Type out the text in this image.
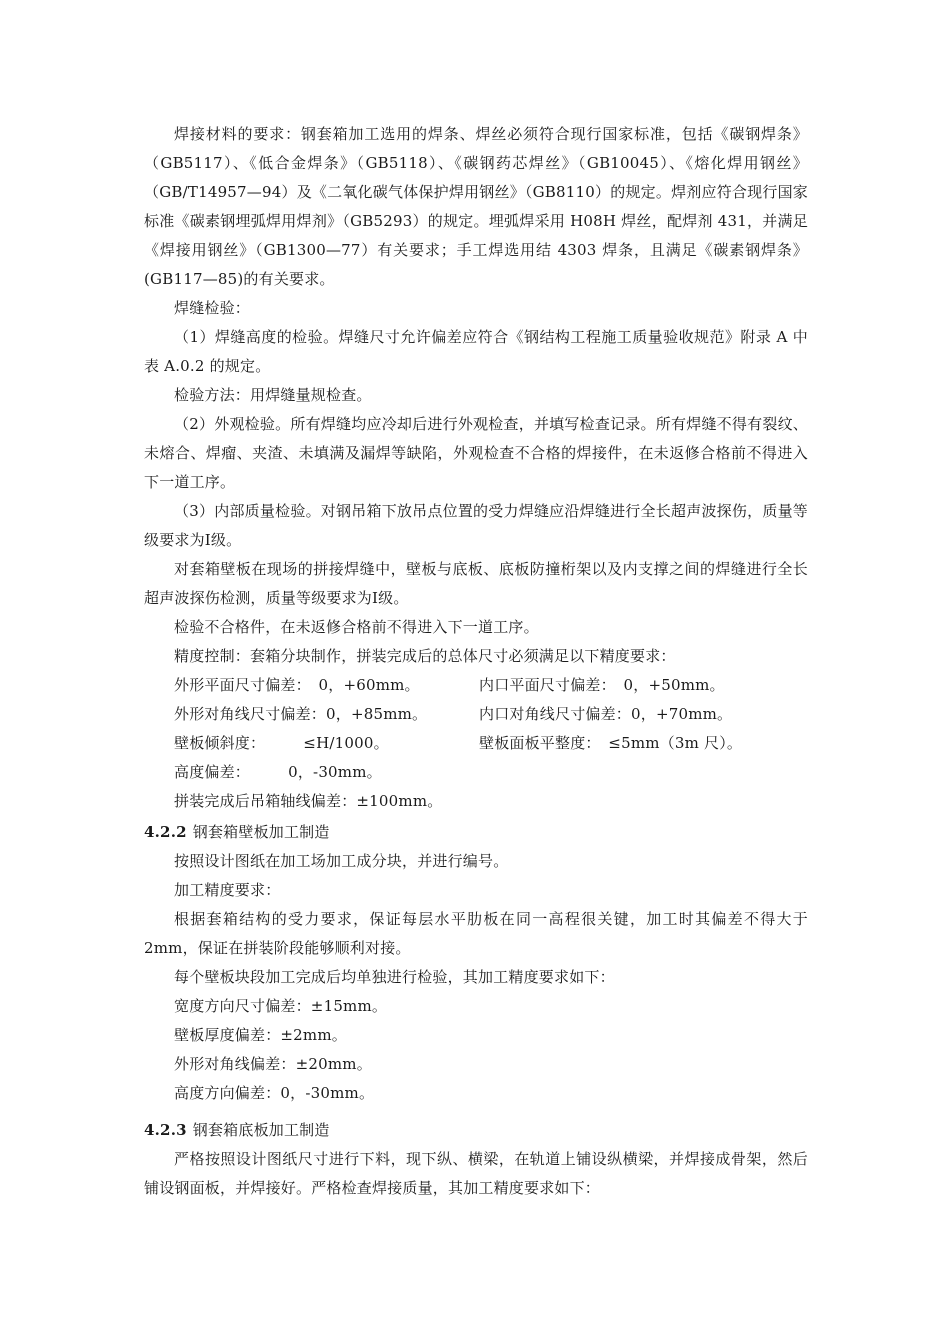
焊接材料的要求：钢套箱加工选用的焊条、焊丝必须符合现行国家标准，包括《碳钢焊条》（GB5117）、《低合金焊条》（GB5118）、《碳钢药芯焊丝》（GB10045）、《熔化焊用钢丝》（GB/T14957—94）及《二氧化碳气体保护焊用钢丝》（GB8110）的规定。焊剂应符合现行国家标准《碳素钢埋弧焊用焊剂》（GB5293）的规定。埋弧焊采用 H08H 焊丝，配焊剂 431，并满足《焊接用钢丝》（GB1300—77）有关要求；手工焊选用结 4303 焊条，且满足《碳素钢焊条》(GB117—85)的有关要求。

焊缝检验：

（1）焊缝高度的检验。焊缝尺寸允许偏差应符合《钢结构工程施工质量验收规范》附录 A 中表 A.0.2 的规定。

检验方法：用焊缝量规检查。

（2）外观检验。所有焊缝均应冷却后进行外观检查，并填写检查记录。所有焊缝不得有裂纹、未熔合、焊瘤、夹渣、未填满及漏焊等缺陷，外观检查不合格的焊接件，在未返修合格前不得进入下一道工序。

（3）内部质量检验。对钢吊箱下放吊点位置的受力焊缝应沿焊缝进行全长超声波探伤，质量等级要求为Ⅰ级。

对套箱壁板在现场的拼接焊缝中，壁板与底板、底板防撞桁架以及内支撑之间的焊缝进行全长超声波探伤检测，质量等级要求为Ⅰ级。

检验不合格件，在未返修合格前不得进入下一道工序。

精度控制：套箱分块制作，拼装完成后的总体尺寸必须满足以下精度要求：

外形平面尺寸偏差：　0，+60mm。	内口平面尺寸偏差：　0，+50mm。
外形对角线尺寸偏差：0，+85mm。	内口对角线尺寸偏差：0，+70mm。
壁板倾斜度：　　　≤H/1000。	壁板面板平整度：　≤5mm（3m 尺）。
高度偏差：　　　0，-30mm。
拼装完成后吊箱轴线偏差：±100mm。

4.2.2 钢套箱壁板加工制造

按照设计图纸在加工场加工成分块，并进行编号。

加工精度要求：

根据套箱结构的受力要求，保证每层水平肋板在同一高程很关键，加工时其偏差不得大于 2mm，保证在拼装阶段能够顺利对接。

每个壁板块段加工完成后均单独进行检验，其加工精度要求如下：

宽度方向尺寸偏差：±15mm。

壁板厚度偏差：±2mm。

外形对角线偏差：±20mm。

高度方向偏差：0，-30mm。

4.2.3 钢套箱底板加工制造

严格按照设计图纸尺寸进行下料，现下纵、横梁，在轨道上铺设纵横梁，并焊接成骨架，然后铺设钢面板，并焊接好。严格检查焊接质量，其加工精度要求如下：
